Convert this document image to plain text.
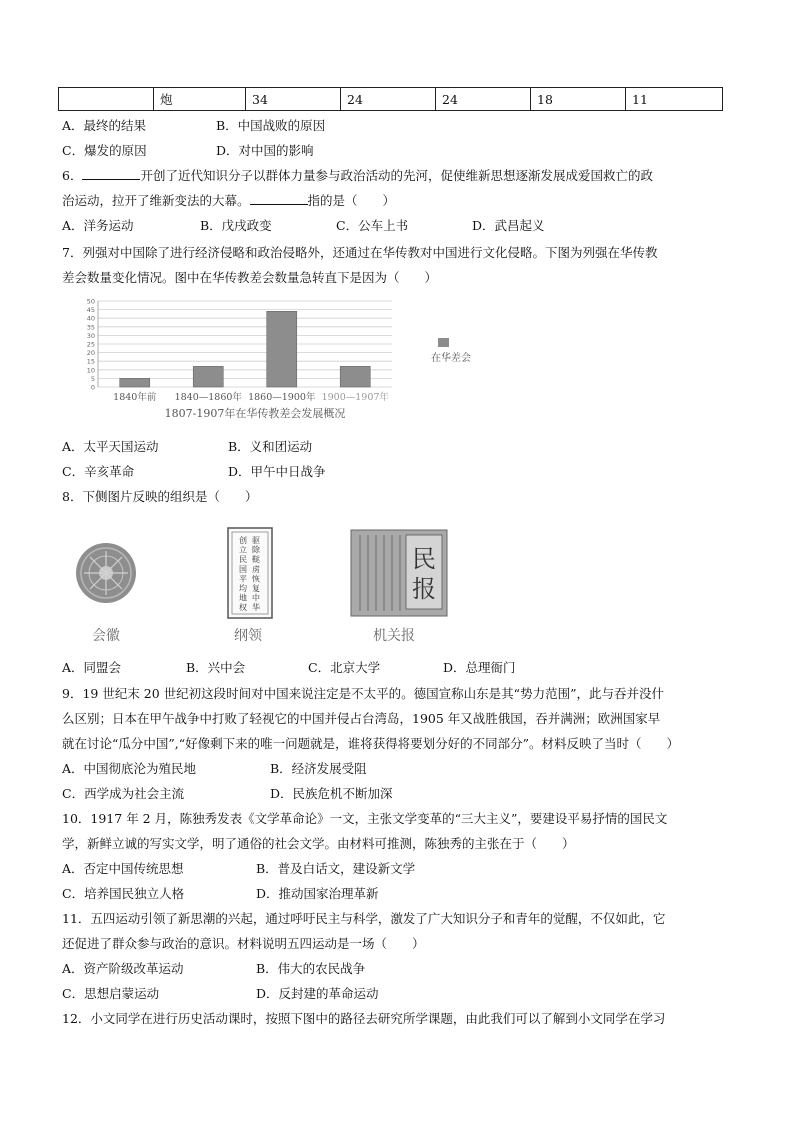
	炮	34	24	24	18	11
A．最终的结果	B．中国战败的原因
C．爆发的原因	D．对中国的影响
6．	开创了近代知识分子以群体力量参与政治活动的先河，促使维新思想逐渐发展成爱国救亡的政
治运动，拉开了维新变法的大幕。	指的是（　　）
A．洋务运动	B．戊戌政变	C．公车上书	D．武昌起义
7．列强对中国除了进行经济侵略和政治侵略外，还通过在华传教对中国进行文化侵略。下图为列强在华传教
差会数量变化情况。图中在华传教差会数量急转直下是因为（　　）
50
45
40
35
30
25
20
15
10
5
0
1840年前 1840—1860年 1860—1900年 1900—1907年
在华差会
1807-1907年在华传教差会发展概况
A．太平天国运动	B．义和团运动
C．辛亥革命	D．甲午中日战争
8．下侧图片反映的组织是（　　）
驱
除
鞑
虏
恢
复
中
华
创
立
民
国
平
均
地
权
民
报
会徽	纲领	机关报
A．同盟会	B．兴中会	C．北京大学	D．总理衙门
9．19 世纪末 20 世纪初这段时间对中国来说注定是不太平的。德国宣称山东是其“势力范围”，此与吞并没什
么区别；日本在甲午战争中打败了轻视它的中国并侵占台湾岛，1905 年又战胜俄国，吞并满洲；欧洲国家早
就在讨论“瓜分中国”,“好像剩下来的唯一问题就是，谁将获得将要划分好的不同部分”。材料反映了当时（　　）
A．中国彻底沦为殖民地	B．经济发展受阻
C．西学成为社会主流	D．民族危机不断加深
10．1917 年 2 月，陈独秀发表《文学革命论》一文，主张文学变革的“三大主义”，要建设平易抒情的国民文
学，新鲜立诚的写实文学，明了通俗的社会文学。由材料可推测，陈独秀的主张在于（　　）
A．否定中国传统思想	B．普及白话文，建设新文学
C．培养国民独立人格	D．推动国家治理革新
11．五四运动引领了新思潮的兴起，通过呼吁民主与科学，激发了广大知识分子和青年的觉醒，不仅如此，它
还促进了群众参与政治的意识。材料说明五四运动是一场（　　）
A．资产阶级改革运动	B．伟大的农民战争
C．思想启蒙运动	D．反封建的革命运动
12．小文同学在进行历史活动课时，按照下图中的路径去研究所学课题，由此我们可以了解到小文同学在学习
